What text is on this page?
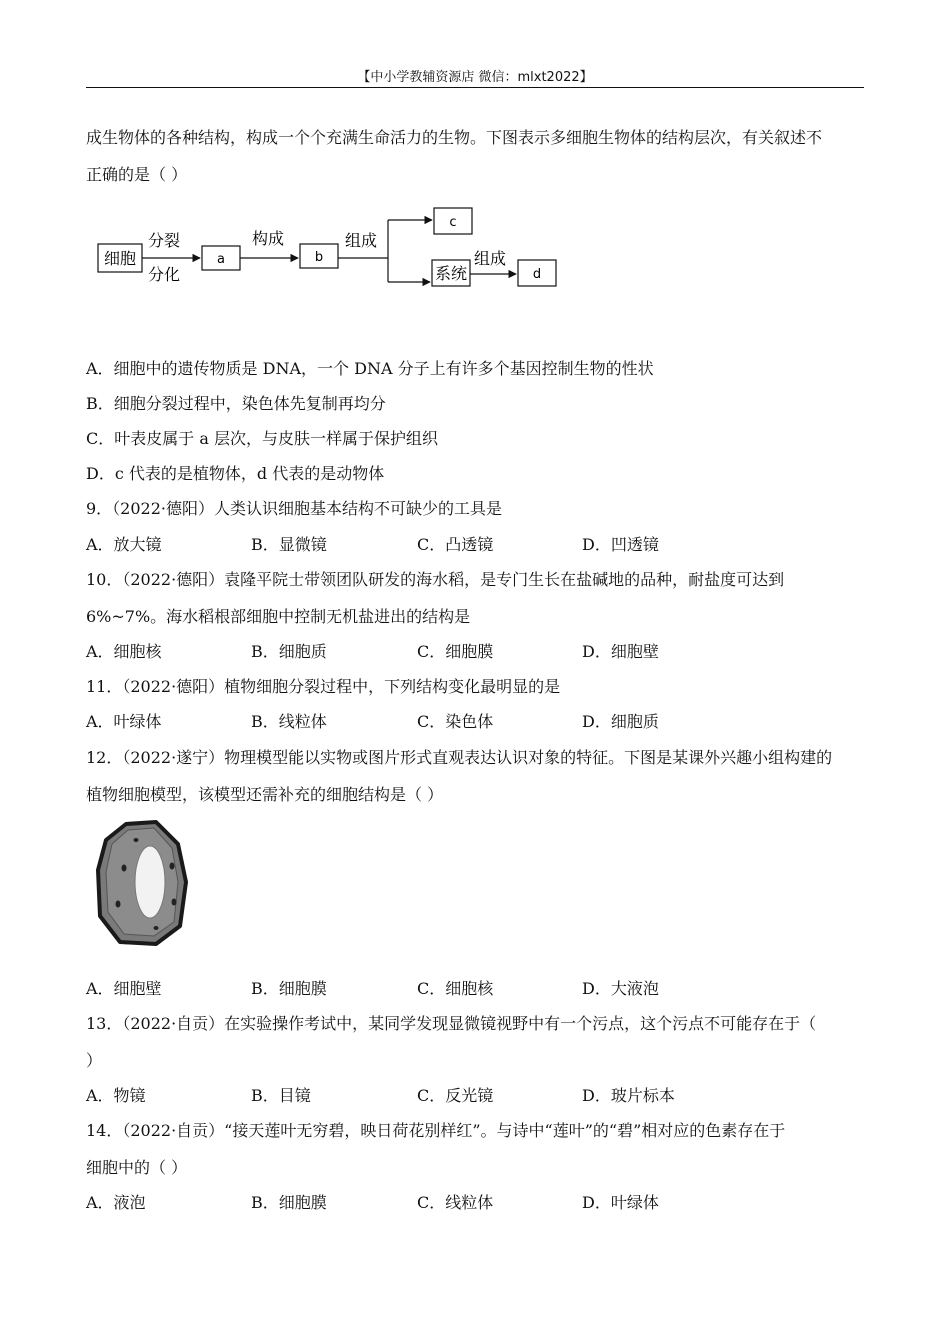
【中小学教辅资源店 微信：mlxt2022】
成生物体的各种结构，构成一个个充满生命活力的生物。下图表示多细胞生物体的结构层次，有关叙述不
正确的是（ ）
细胞
分裂
分化
a
构成
b
组成
c
系统
组成
d
A．细胞中的遗传物质是 DNA，一个 DNA 分子上有许多个基因控制生物的性状
B．细胞分裂过程中，染色体先复制再均分
C．叶表皮属于 a 层次，与皮肤一样属于保护组织
D．c 代表的是植物体，d 代表的是动物体
9．（2022·德阳）人类认识细胞基本结构不可缺少的工具是
A．放大镜	B．显微镜	C．凸透镜	D．凹透镜
10．（2022·德阳）袁隆平院士带领团队研发的海水稻，是专门生长在盐碱地的品种，耐盐度可达到
6%~7%。海水稻根部细胞中控制无机盐进出的结构是
A．细胞核	B．细胞质	C．细胞膜	D．细胞壁
11．（2022·德阳）植物细胞分裂过程中，下列结构变化最明显的是
A．叶绿体	B．线粒体	C．染色体	D．细胞质
12．（2022·遂宁）物理模型能以实物或图片形式直观表达认识对象的特征。下图是某课外兴趣小组构建的
植物细胞模型，该模型还需补充的细胞结构是（ ）
A．细胞壁	B．细胞膜	C．细胞核	D．大液泡
13．（2022·自贡）在实验操作考试中，某同学发现显微镜视野中有一个污点，这个污点不可能存在于（
）
A．物镜	B．目镜	C．反光镜	D．玻片标本
14．（2022·自贡）“接天莲叶无穷碧，映日荷花别样红”。与诗中“莲叶”的“碧”相对应的色素存在于
细胞中的（ ）
A．液泡	B．细胞膜	C．线粒体	D．叶绿体
